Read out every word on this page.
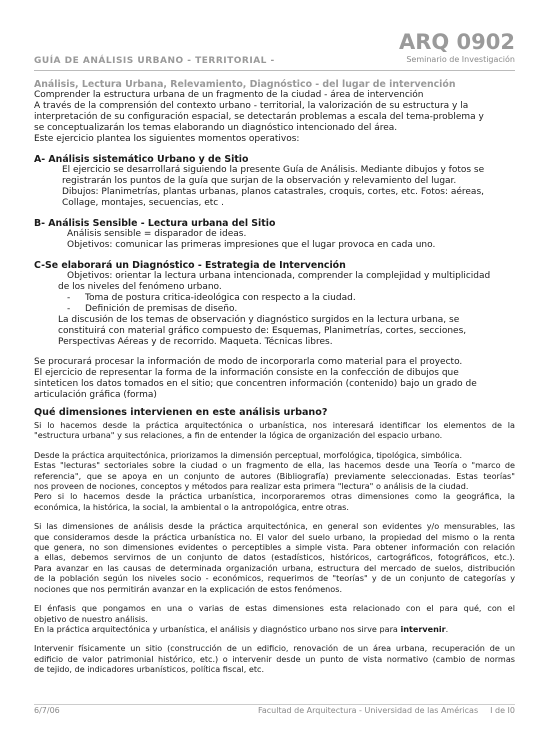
ARQ 0902
Seminario de Investigación
GUÍA DE ANÁLISIS URBANO - TERRITORIAL -
Análisis, Lectura Urbana, Relevamiento, Diagnóstico - del lugar de intervención

Comprender la estructura urbana de un fragmento de la ciudad - área de intervención

A través de la comprensión del contexto urbano - territorial, la valorización de su estructura y la

interpretación de su configuración espacial, se detectarán problemas a escala del tema-problema y

se conceptualizarán los temas elaborando un diagnóstico intencionado del área.

Este ejercicio plantea los siguientes momentos operativos:

A- Análisis sistemático Urbano y de Sitio

El ejercicio se desarrollará siguiendo la presente Guía de Análisis. Mediante dibujos y fotos se

registrarán los puntos de la guía que surjan de la observación y relevamiento del lugar.

Dibujos: Planimetrías, plantas urbanas, planos catastrales, croquis, cortes, etc. Fotos: aéreas,

Collage, montajes, secuencias, etc .

B- Análisis Sensible - Lectura urbana del Sitio

Análisis sensible = disparador de ideas.

Objetivos: comunicar las primeras impresiones que el lugar provoca en cada uno.

C-Se elaborará un Diagnóstico - Estrategia de Intervención

Objetivos: orientar la lectura urbana intencionada, comprender la complejidad y multiplicidad

de los niveles del fenómeno urbano.

- Toma de postura critica-ideológica con respecto a la ciudad.

- Definición de premisas de diseño.

La discusión de los temas de observación y diagnóstico surgidos en la lectura urbana, se

constituirá con material gráfico compuesto de: Esquemas, Planimetrías, cortes, secciones,

Perspectivas Aéreas y de recorrido. Maqueta. Técnicas libres.

Se procurará procesar la información de modo de incorporarla como material para el proyecto.

El ejercicio de representar la forma de la información consiste en la confección de dibujos que

sinteticen los datos tomados en el sitio; que concentren información (contenido) bajo un grado de

articulación gráfica (forma)

Qué dimensiones intervienen en este análisis urbano?

Si lo hacemos desde la práctica arquitectónica o urbanística, nos interesará identificar los elementos de la

"estructura urbana" y sus relaciones, a fin de entender la lógica de organización del espacio urbano.

Desde la práctica arquitectónica, priorizamos la dimensión perceptual, morfológica, tipológica, simbólica.

Estas "lecturas" sectoriales sobre la ciudad o un fragmento de ella, las hacemos desde una Teoría o "marco de

referencia", que se apoya en un conjunto de autores (Bibliografía) previamente seleccionadas. Estas teorías"

nos proveen de nociones, conceptos y métodos para realizar esta primera "lectura" o análisis de la ciudad.

Pero si lo hacemos desde la práctica urbanística, incorporaremos otras dimensiones como la geográfica, la

económica, la histórica, la social, la ambiental o la antropológica, entre otras.

Si las dimensiones de análisis desde la práctica arquitectónica, en general son evidentes y/o mensurables, las

que consideramos desde la práctica urbanística no. El valor del suelo urbano, la propiedad del mismo o la renta

que genera, no son dimensiones evidentes o perceptibles a simple vista. Para obtener información con relación

a ellas, debemos servirnos de un conjunto de datos (estadísticos, históricos, cartográficos, fotográficos, etc.).

Para avanzar en las causas de determinada organización urbana, estructura del mercado de suelos, distribución

de la población según los niveles socio - económicos, requerimos de "teorías" y de un conjunto de categorías y

nociones que nos permitirán avanzar en la explicación de estos fenómenos.

El énfasis que pongamos en una o varias de estas dimensiones esta relacionado con el para qué, con el

objetivo de nuestro análisis.

En la práctica arquitectónica y urbanística, el análisis y diagnóstico urbano nos sirve para intervenir.

Intervenir físicamente un sitio (construcción de un edificio, renovación de un área urbana, recuperación de un

edificio de valor patrimonial histórico, etc.) o intervenir desde un punto de vista normativo (cambio de normas

de tejido, de indicadores urbanísticos, política fiscal, etc.

6/7/06	Facultad de Arquitectura - Universidad de las Américas I de I0
